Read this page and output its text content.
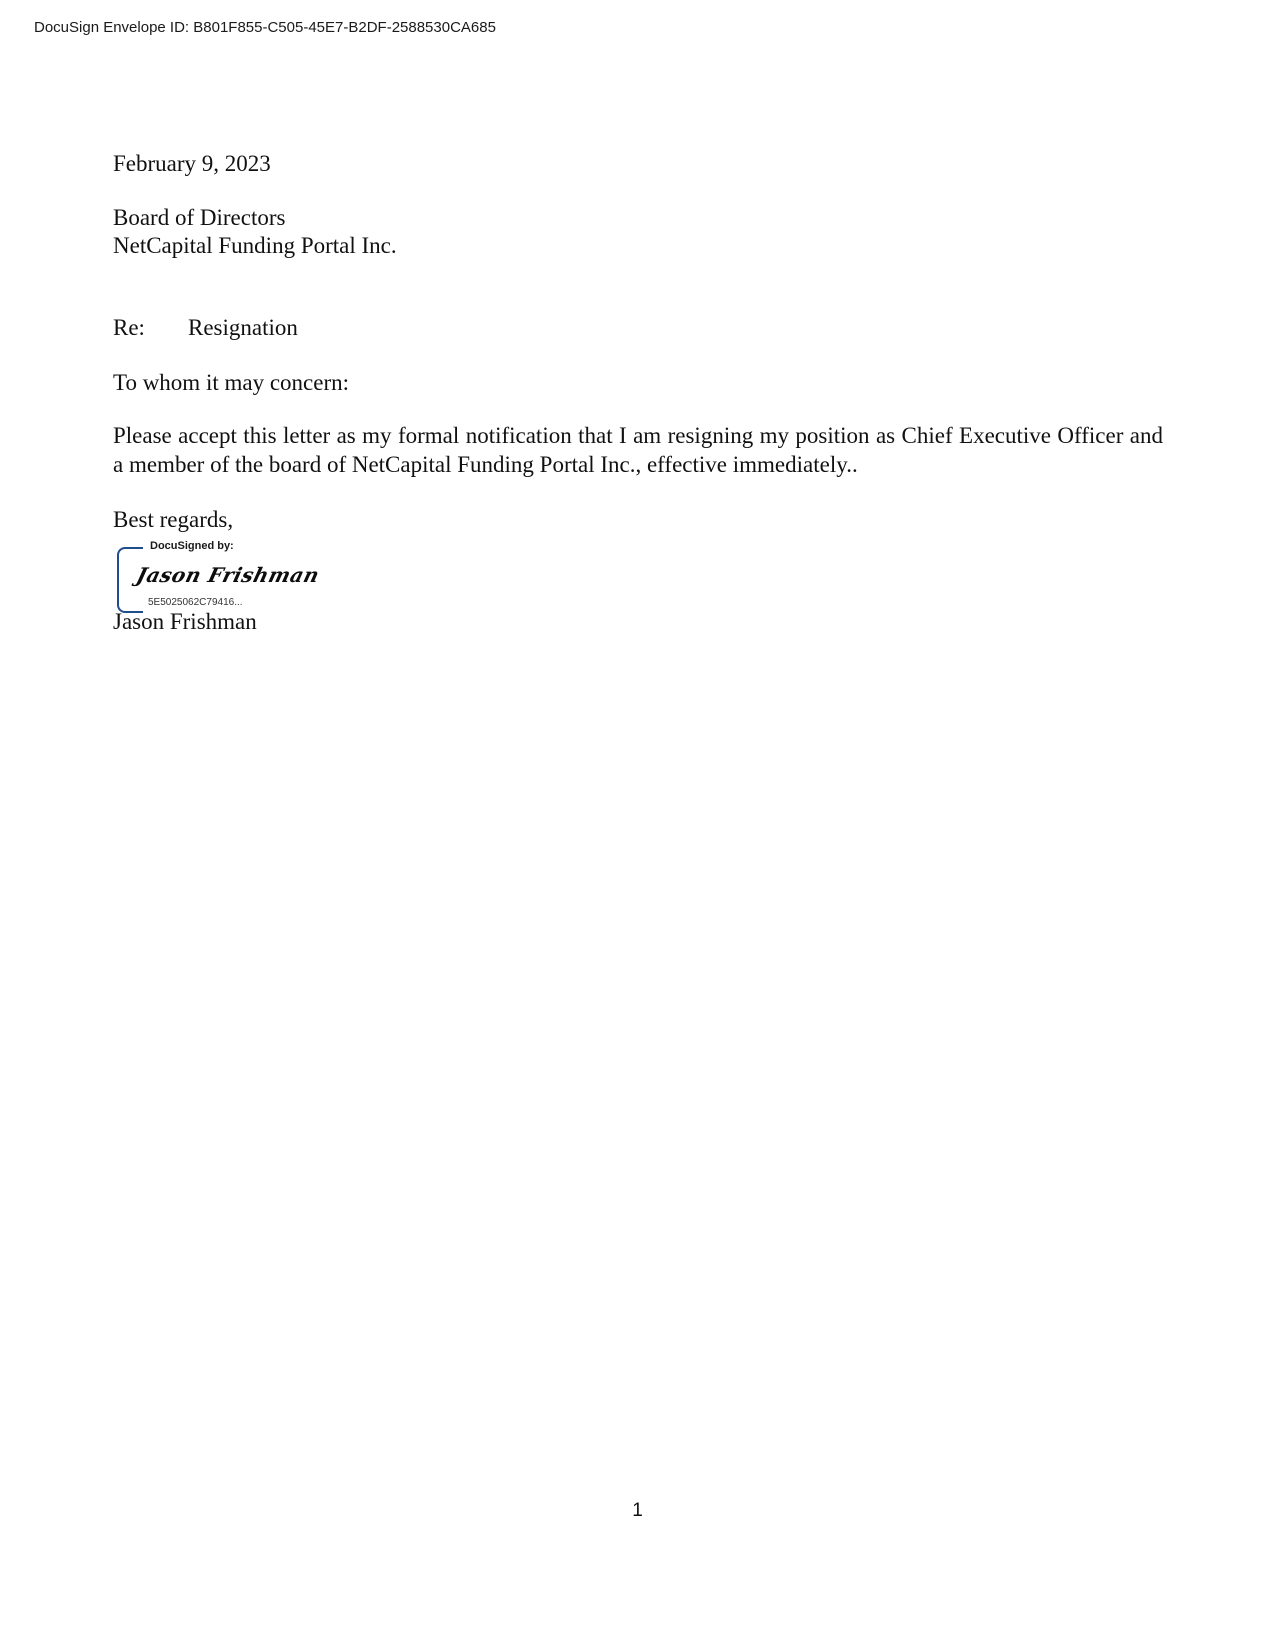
DocuSign Envelope ID: B801F855-C505-45E7-B2DF-2588530CA685
February 9, 2023
Board of Directors
NetCapital Funding Portal Inc.
Re: Resignation
To whom it may concern:
Please accept this letter as my formal notification that I am resigning my position as Chief Executive Officer and a member of the board of NetCapital Funding Portal Inc., effective immediately..
Best regards,
DocuSigned by:
Jason Frishman
5E5025062C79416...
Jason Frishman
1
